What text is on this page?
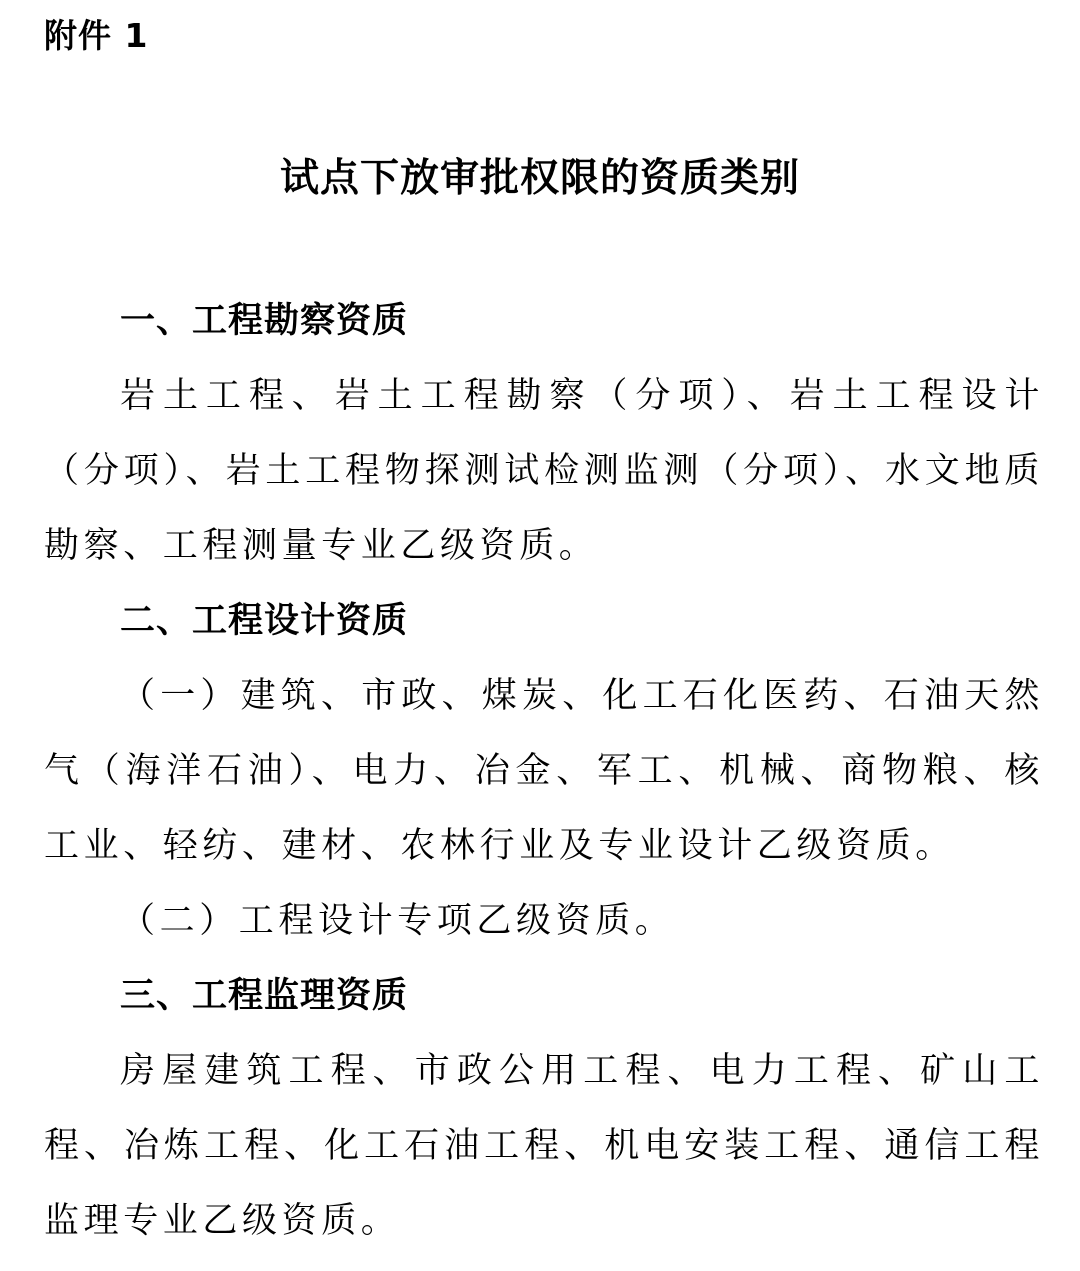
附件 1
试点下放审批权限的资质类别
一、工程勘察资质

岩土工程、岩土工程勘察（分项）、岩土工程设计（分项）、岩土工程物探测试检测监测（分项）、水文地质勘察、工程测量专业乙级资质。

二、工程设计资质

（一）建筑、市政、煤炭、化工石化医药、石油天然气（海洋石油）、电力、冶金、军工、机械、商物粮、核工业、轻纺、建材、农林行业及专业设计乙级资质。

（二）工程设计专项乙级资质。

三、工程监理资质

房屋建筑工程、市政公用工程、电力工程、矿山工程、冶炼工程、化工石油工程、机电安装工程、通信工程监理专业乙级资质。
